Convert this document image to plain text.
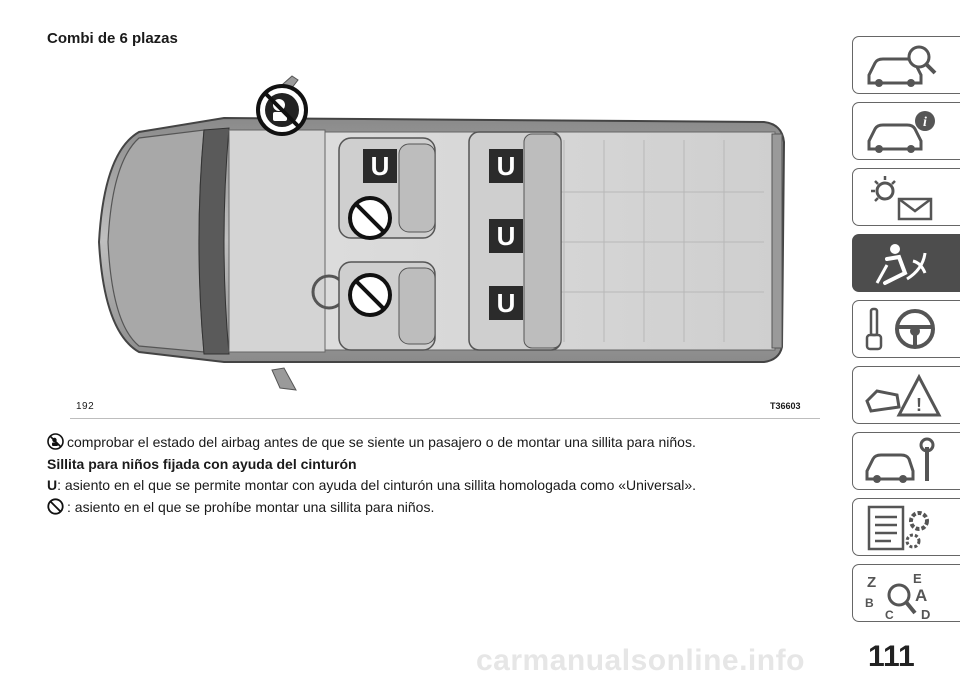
Combi de 6 plazas
U	U
U
U
192	T36603
comprobar el estado del airbag antes de que se siente un pasajero o de montar una sillita para niños.
Sillita para niños fijada con ayuda del cinturón
U: asiento en el que se permite montar con ayuda del cinturón una sillita homologada como «Universal».
: asiento en el que se prohíbe montar una sillita para niños.
i
!
Z	E
A
B
C D
carmanualsonline.info 111
